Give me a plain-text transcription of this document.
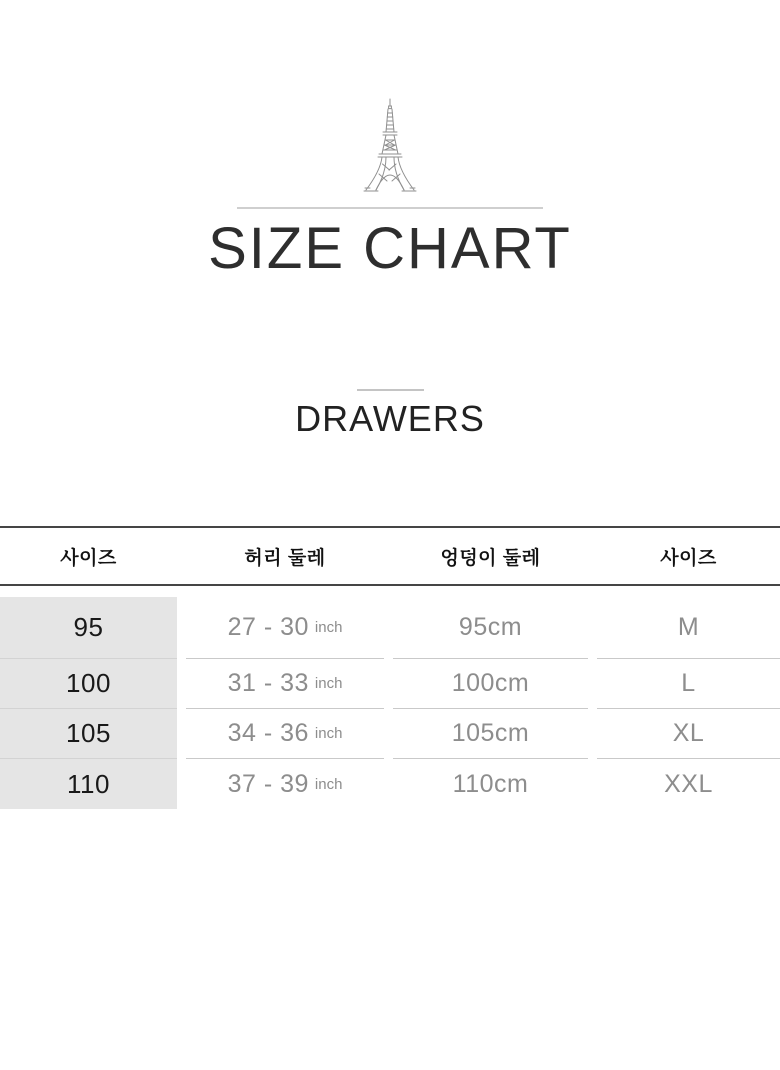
SIZE CHART
DRAWERS
사이즈	허리 둘레	엉덩이 둘레	사이즈
95	27 - 30 inch	95cm	M
100	31 - 33 inch	100cm	L
105	34 - 36 inch	105cm	XL
110	37 - 39 inch	110cm	XXL
